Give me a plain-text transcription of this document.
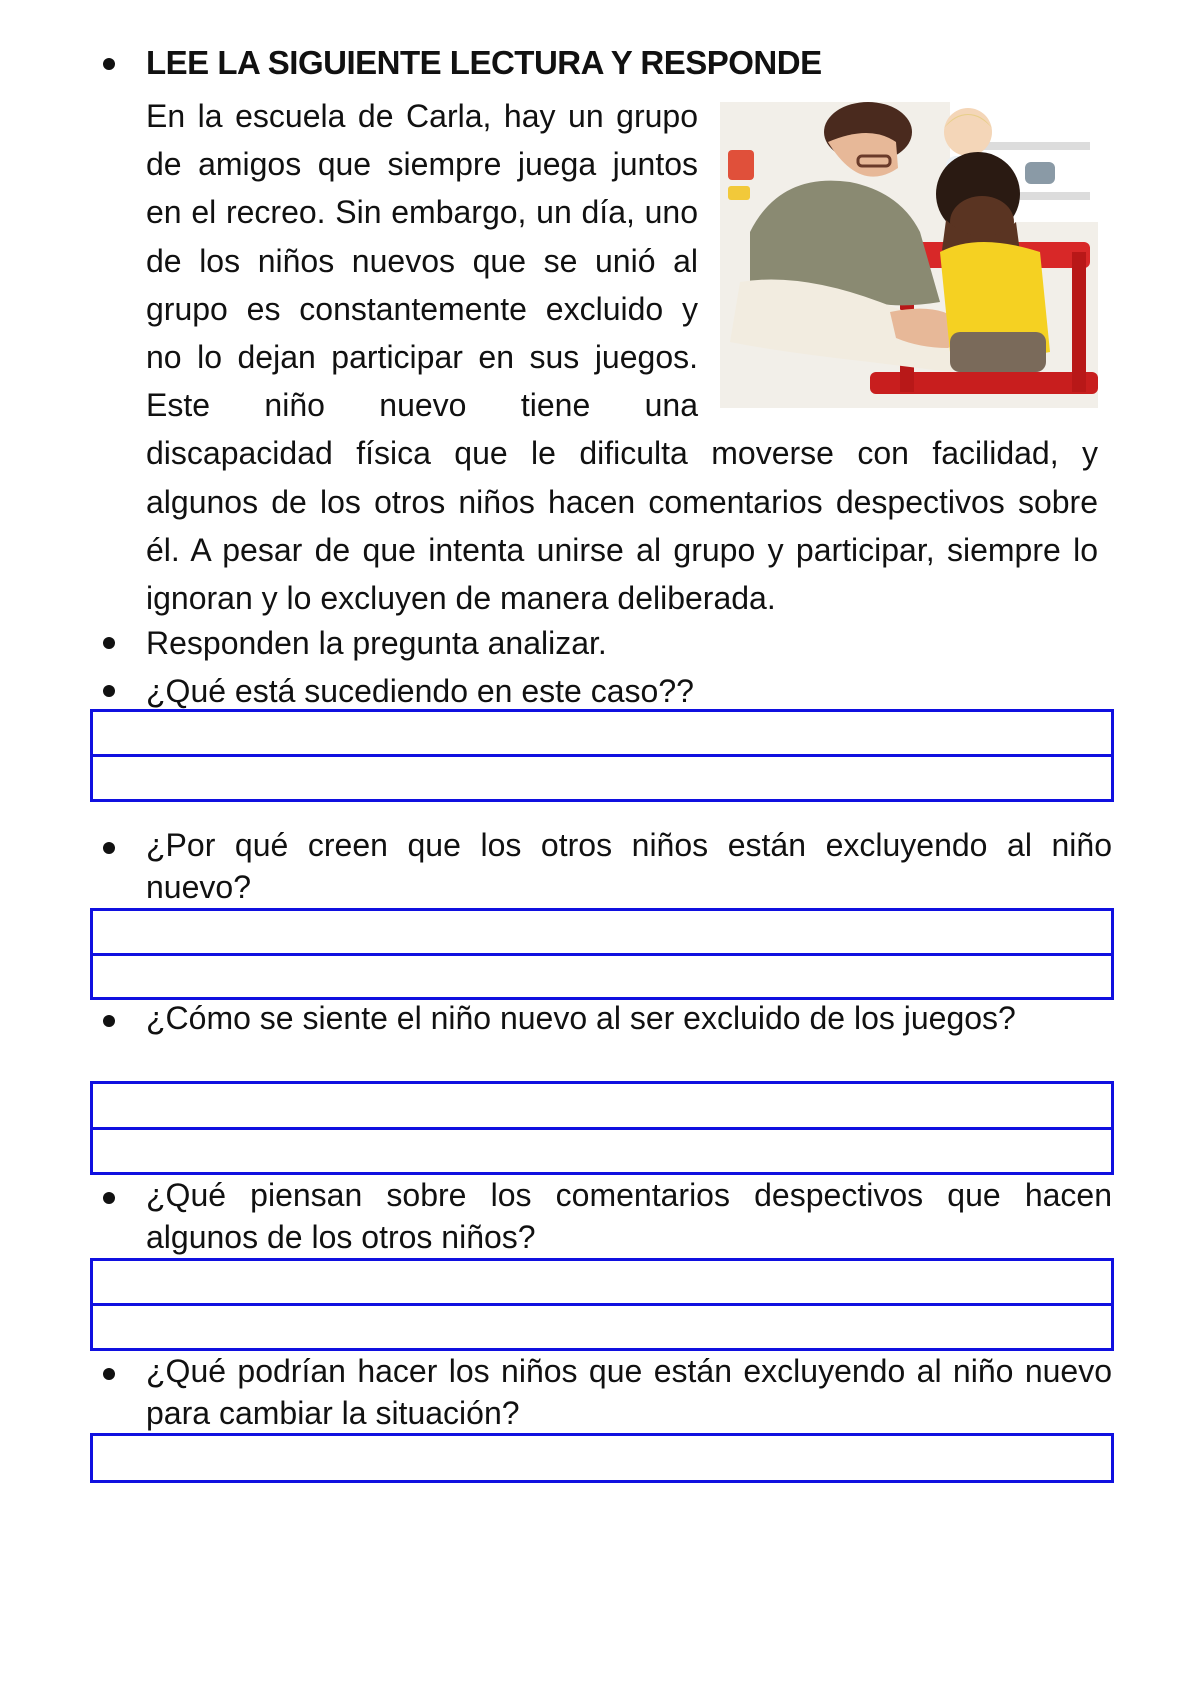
LEE LA SIGUIENTE LECTURA Y RESPONDE
En la escuela de Carla, hay un grupo de amigos que siempre juega juntos en el recreo. Sin embargo, un día, uno de los niños nuevos que se unió al grupo es constantemente excluido y no lo dejan participar en sus juegos. Este niño nuevo tiene una discapacidad física que le dificulta moverse con facilidad, y algunos de los otros niños hacen comentarios despectivos sobre él. A pesar de que intenta unirse al grupo y participar, siempre lo ignoran y lo excluyen de manera deliberada.

Responden la pregunta analizar.

¿Qué está sucediendo en este caso??

¿Por qué creen que los otros niños están excluyendo al niño nuevo?

¿Cómo se siente el niño nuevo al ser excluido de los juegos?

¿Qué piensan sobre los comentarios despectivos que hacen algunos de los otros niños?

¿Qué podrían hacer los niños que están excluyendo al niño nuevo para cambiar la situación?
